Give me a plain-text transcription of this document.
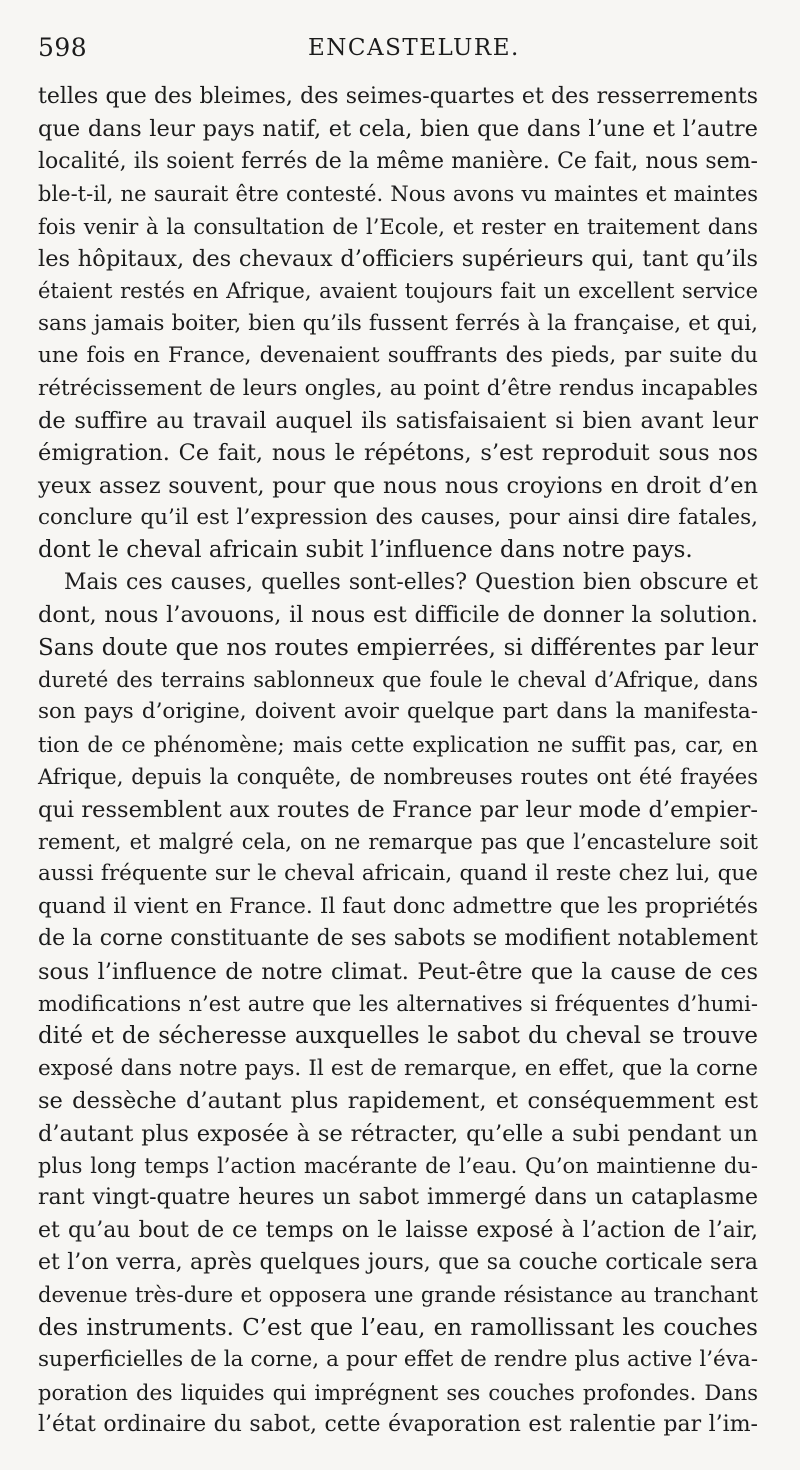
598	ENCASTELURE.
telles que des bleimes, des seimes-quartes et des resserrements
que dans leur pays natif, et cela, bien que dans l’une et l’autre
localité, ils soient ferrés de la même manière. Ce fait, nous sem-
ble-t-il, ne saurait être contesté. Nous avons vu maintes et maintes
fois venir à la consultation de l’Ecole, et rester en traitement dans
les hôpitaux, des chevaux d’officiers supérieurs qui, tant qu’ils
étaient restés en Afrique, avaient toujours fait un excellent service
sans jamais boiter, bien qu’ils fussent ferrés à la française, et qui,
une fois en France, devenaient souffrants des pieds, par suite du
rétrécissement de leurs ongles, au point d’être rendus incapables
de suffire au travail auquel ils satisfaisaient si bien avant leur
émigration. Ce fait, nous le répétons, s’est reproduit sous nos
yeux assez souvent, pour que nous nous croyions en droit d’en
conclure qu’il est l’expression des causes, pour ainsi dire fatales,
dont le cheval africain subit l’influence dans notre pays.
Mais ces causes, quelles sont-elles? Question bien obscure et
dont, nous l’avouons, il nous est difficile de donner la solution.
Sans doute que nos routes empierrées, si différentes par leur
dureté des terrains sablonneux que foule le cheval d’Afrique, dans
son pays d’origine, doivent avoir quelque part dans la manifesta-
tion de ce phénomène; mais cette explication ne suffit pas, car, en
Afrique, depuis la conquête, de nombreuses routes ont été frayées
qui ressemblent aux routes de France par leur mode d’empier-
rement, et malgré cela, on ne remarque pas que l’encastelure soit
aussi fréquente sur le cheval africain, quand il reste chez lui, que
quand il vient en France. Il faut donc admettre que les propriétés
de la corne constituante de ses sabots se modifient notablement
sous l’influence de notre climat. Peut-être que la cause de ces
modifications n’est autre que les alternatives si fréquentes d’humi-
dité et de sécheresse auxquelles le sabot du cheval se trouve
exposé dans notre pays. Il est de remarque, en effet, que la corne
se dessèche d’autant plus rapidement, et conséquemment est
d’autant plus exposée à se rétracter, qu’elle a subi pendant un
plus long temps l’action macérante de l’eau. Qu’on maintienne du-
rant vingt-quatre heures un sabot immergé dans un cataplasme
et qu’au bout de ce temps on le laisse exposé à l’action de l’air,
et l’on verra, après quelques jours, que sa couche corticale sera
devenue très-dure et opposera une grande résistance au tranchant
des instruments. C’est que l’eau, en ramollissant les couches
superficielles de la corne, a pour effet de rendre plus active l’éva-
poration des liquides qui imprégnent ses couches profondes. Dans
l’état ordinaire du sabot, cette évaporation est ralentie par l’im-
